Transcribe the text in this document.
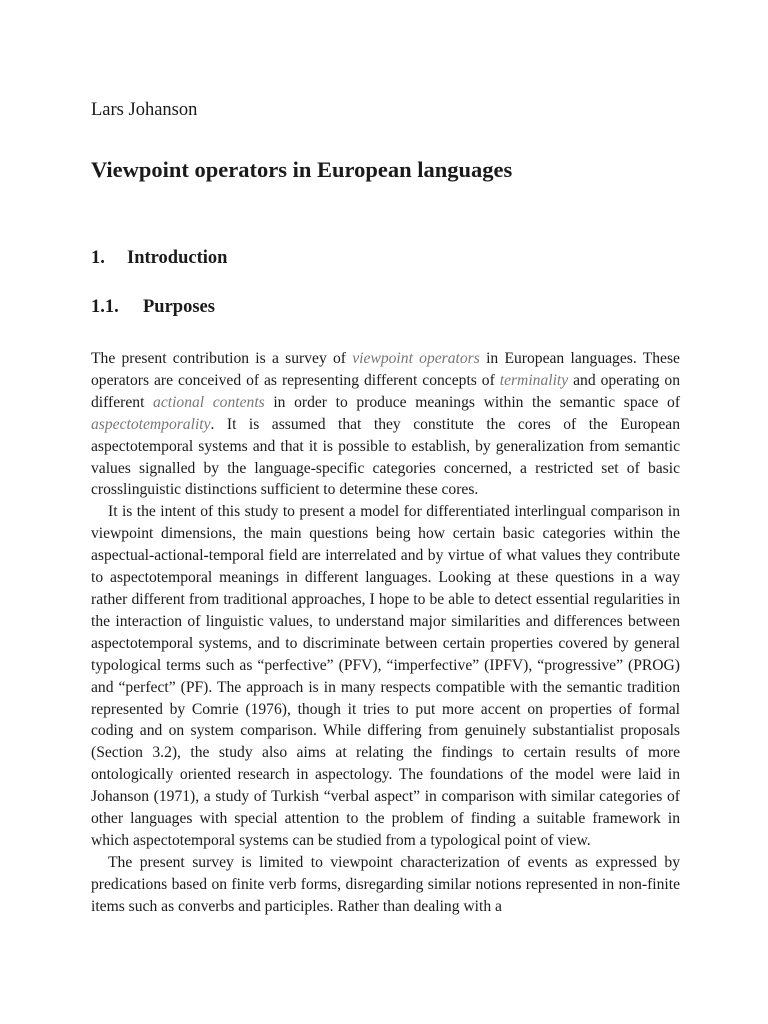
Lars Johanson
Viewpoint operators in European languages
1. Introduction
1.1. Purposes

The present contribution is a survey of viewpoint operators in European languages. These operators are conceived of as representing different concepts of terminality and operating on different actional contents in order to produce meanings within the semantic space of aspectotemporality. It is assumed that they constitute the cores of the European aspectotemporal systems and that it is possible to establish, by generalization from semantic values signalled by the language-specific categories concerned, a restricted set of basic crosslinguistic distinctions sufficient to determine these cores.

It is the intent of this study to present a model for differentiated interlingual comparison in viewpoint dimensions, the main questions being how certain basic categories within the aspectual-actional-temporal field are interrelated and by virtue of what values they contribute to aspectotemporal meanings in different languages. Looking at these questions in a way rather different from traditional approaches, I hope to be able to detect essential regularities in the interaction of linguistic values, to understand major similarities and differences between aspectotemporal systems, and to discriminate between certain properties covered by general typological terms such as “perfective” (PFV), “imperfective” (IPFV), “progressive” (PROG) and “perfect” (PF). The approach is in many respects compatible with the semantic tradition represented by Comrie (1976), though it tries to put more accent on properties of formal coding and on system comparison. While differing from genuinely substantialist proposals (Section 3.2), the study also aims at relating the findings to certain results of more ontologically oriented research in aspectology. The foundations of the model were laid in Johanson (1971), a study of Turkish “verbal aspect” in comparison with similar categories of other languages with special attention to the problem of finding a suitable framework in which aspectotemporal systems can be studied from a typological point of view.

The present survey is limited to viewpoint characterization of events as expressed by predications based on finite verb forms, disregarding similar notions represented in non-finite items such as converbs and participles. Rather than dealing with a
